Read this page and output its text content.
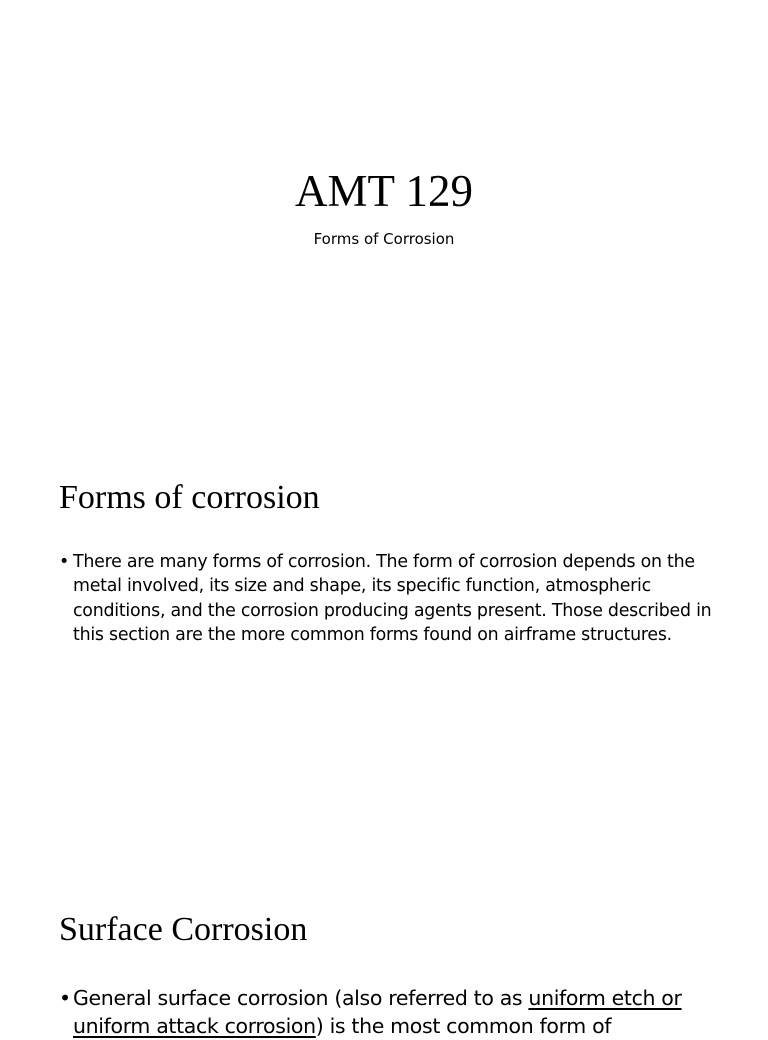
AMT 129
Forms of Corrosion
Forms of corrosion
• There are many forms of corrosion. The form of corrosion depends on the metal involved, its size and shape, its specific function, atmospheric conditions, and the corrosion producing agents present. Those described in this section are the more common forms found on airframe structures.
Surface Corrosion
• General surface corrosion (also referred to as uniform etch or uniform attack corrosion) is the most common form of
